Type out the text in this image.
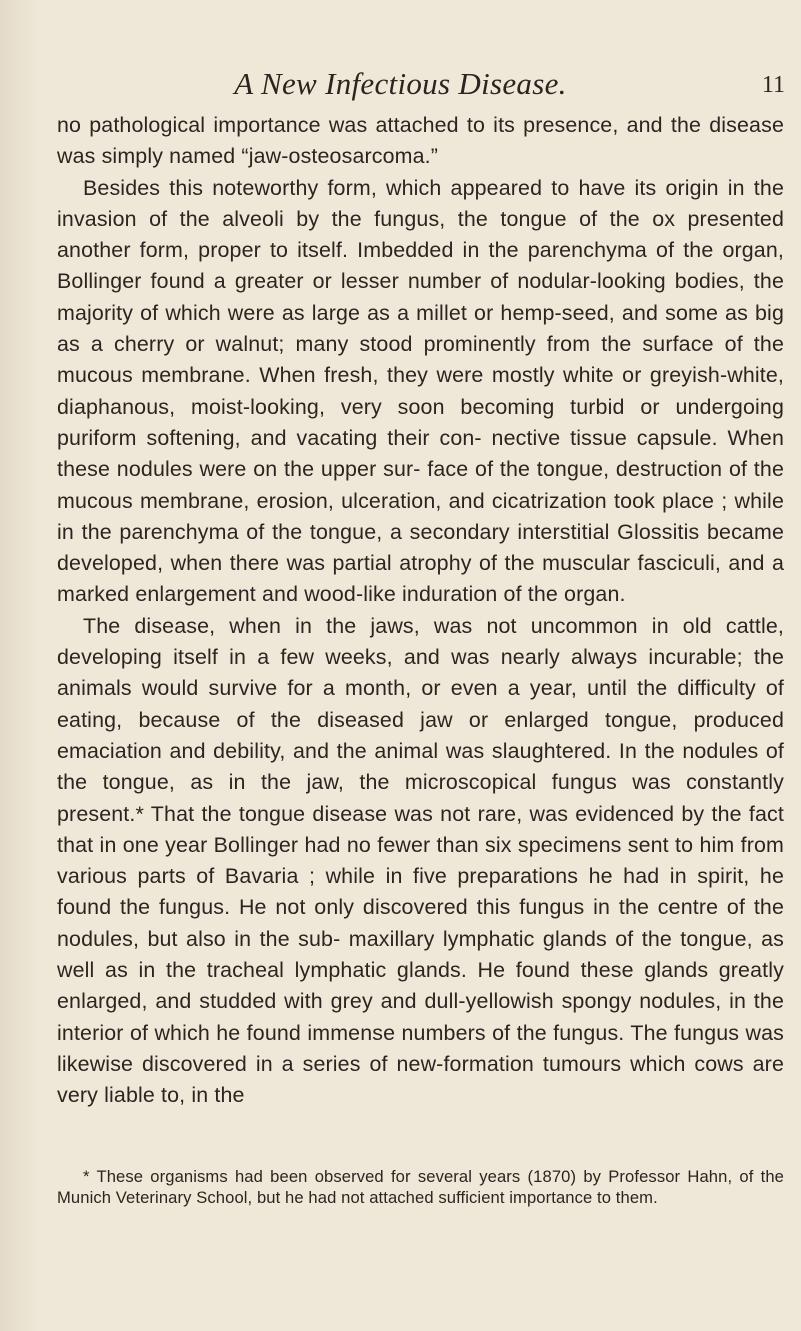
A New Infectious Disease.	11

no pathological importance was attached to its presence, and the disease was simply named “jaw-osteosarcoma.”

Besides this noteworthy form, which appeared to have its origin in the invasion of the alveoli by the fungus, the tongue of the ox presented another form, proper to itself. Imbedded in the parenchyma of the organ, Bollinger found a greater or lesser number of nodular-looking bodies, the majority of which were as large as a millet or hemp-seed, and some as big as a cherry or walnut; many stood prominently from the surface of the mucous membrane. When fresh, they were mostly white or greyish-white, diaphanous, moist-looking, very soon becoming turbid or undergoing puriform softening, and vacating their con- nective tissue capsule. When these nodules were on the upper sur- face of the tongue, destruction of the mucous membrane, erosion, ulceration, and cicatrization took place ; while in the parenchyma of the tongue, a secondary interstitial Glossitis became developed, when there was partial atrophy of the muscular fasciculi, and a marked enlargement and wood-like induration of the organ.

The disease, when in the jaws, was not uncommon in old cattle, developing itself in a few weeks, and was nearly always incurable; the animals would survive for a month, or even a year, until the difficulty of eating, because of the diseased jaw or enlarged tongue, produced emaciation and debility, and the animal was slaughtered. In the nodules of the tongue, as in the jaw, the microscopical fungus was constantly present.* That the tongue disease was not rare, was evidenced by the fact that in one year Bollinger had no fewer than six specimens sent to him from various parts of Bavaria ; while in five preparations he had in spirit, he found the fungus. He not only discovered this fungus in the centre of the nodules, but also in the sub- maxillary lymphatic glands of the tongue, as well as in the tracheal lymphatic glands. He found these glands greatly enlarged, and studded with grey and dull-yellowish spongy nodules, in the interior of which he found immense numbers of the fungus. The fungus was likewise discovered in a series of new-formation tumours which cows are very liable to, in the

* These organisms had been observed for several years (1870) by Professor Hahn, of the Munich Veterinary School, but he had not attached sufficient importance to them.
